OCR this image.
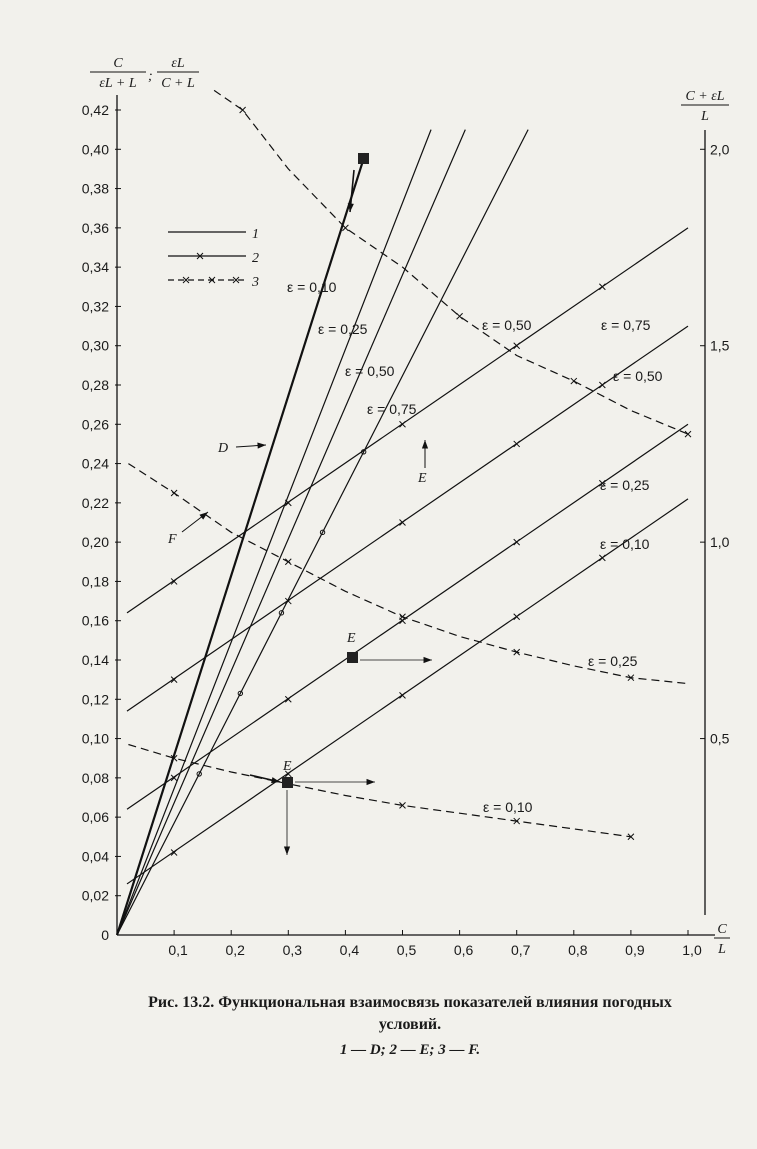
0
0,02
0,04
0,06
0,08
0,10
0,12
0,14
0,16
0,18
0,20
0,22
0,24
0,26
0,28
0,30
0,32
0,34
0,36
0,38
0,40
0,42
0,1	0,2	0,3	0,4	0,5	0,6	0,7	0,8	0,9	1,0
0,5
1,0
1,5
2,0
C
εL + L ;
εL
C + L
C + εL
L
C
L
ε = 0,10
ε = 0,25
ε = 0,50
ε = 0,75
ε = 0,75
ε = 0,50
ε = 0,25
ε = 0,10
ε = 0,50
ε = 0,25
ε = 0,10
1
2
3
D
E
F
E
E
Рис. 13.2. Функциональная взаимосвязь показателей влияния погодных
условий.
1 — D; 2 — E; 3 — F.
